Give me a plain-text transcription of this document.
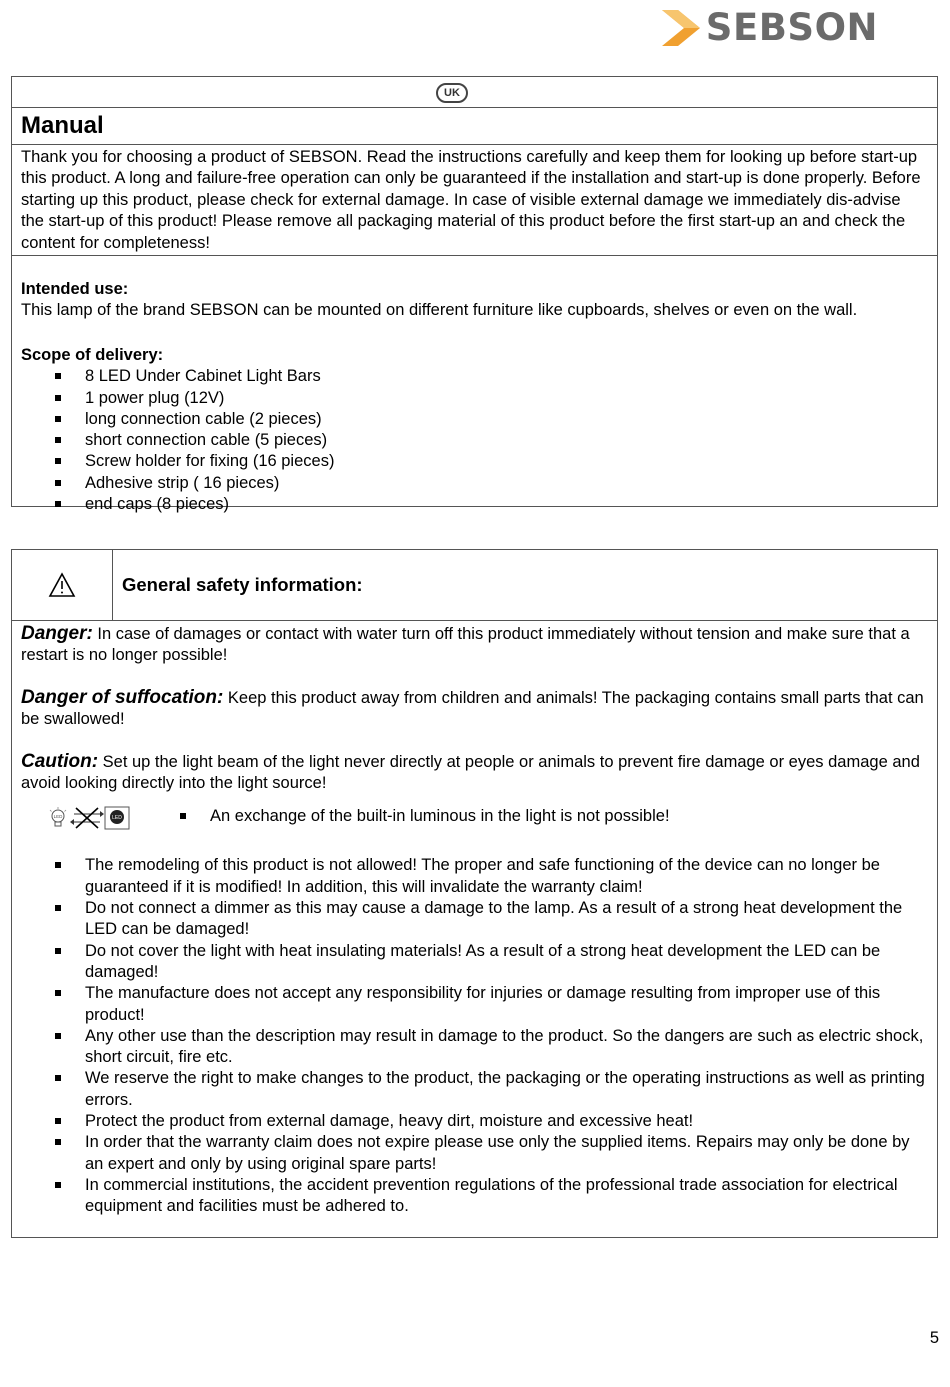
SEBSON
UK
Manual
Thank you for choosing a product of SEBSON. Read the instructions carefully and keep them for looking up before start-up this product. A long and failure-free operation can only be guaranteed if the installation and start-up is done properly. Before starting up this product, please check for external damage. In case of visible external damage we immediately dis-advise the start-up of this product! Please remove all packaging material of this product before the first start-up an and check the content for completeness!
Intended use:
This lamp of the brand SEBSON can be mounted on different furniture like cupboards, shelves or even on the wall.
Scope of delivery:
8 LED Under Cabinet Light Bars
1 power plug (12V)
long connection cable (2 pieces)
short connection cable (5 pieces)
Screw holder for fixing (16 pieces)
Adhesive strip ( 16 pieces)
end caps (8 pieces)
General safety information:
Danger: In case of damages or contact with water turn off this product immediately without tension and make sure that a restart is no longer possible!
Danger of suffocation: Keep this product away from children and animals! The packaging contains small parts that can be swallowed!
Caution: Set up the light beam of the light never directly at people or animals to prevent fire damage or eyes damage and avoid looking directly into the light source!
LED	LED	An exchange of the built-in luminous in the light is not possible!
The remodeling of this product is not allowed! The proper and safe functioning of the device can no longer be guaranteed if it is modified! In addition, this will invalidate the warranty claim!
Do not connect a dimmer as this may cause a damage to the lamp. As a result of a strong heat development the LED can be damaged!
Do not cover the light with heat insulating materials! As a result of a strong heat development the LED can be damaged!
The manufacture does not accept any responsibility for injuries or damage resulting from improper use of this product!
Any other use than the description may result in damage to the product. So the dangers are such as electric shock, short circuit, fire etc.
We reserve the right to make changes to the product, the packaging or the operating instructions as well as printing errors.
Protect the product from external damage, heavy dirt, moisture and excessive heat!
In order that the warranty claim does not expire please use only the supplied items. Repairs may only be done by an expert and only by using original spare parts!
In commercial institutions, the accident prevention regulations of the professional trade association for electrical equipment and facilities must be adhered to.
5
